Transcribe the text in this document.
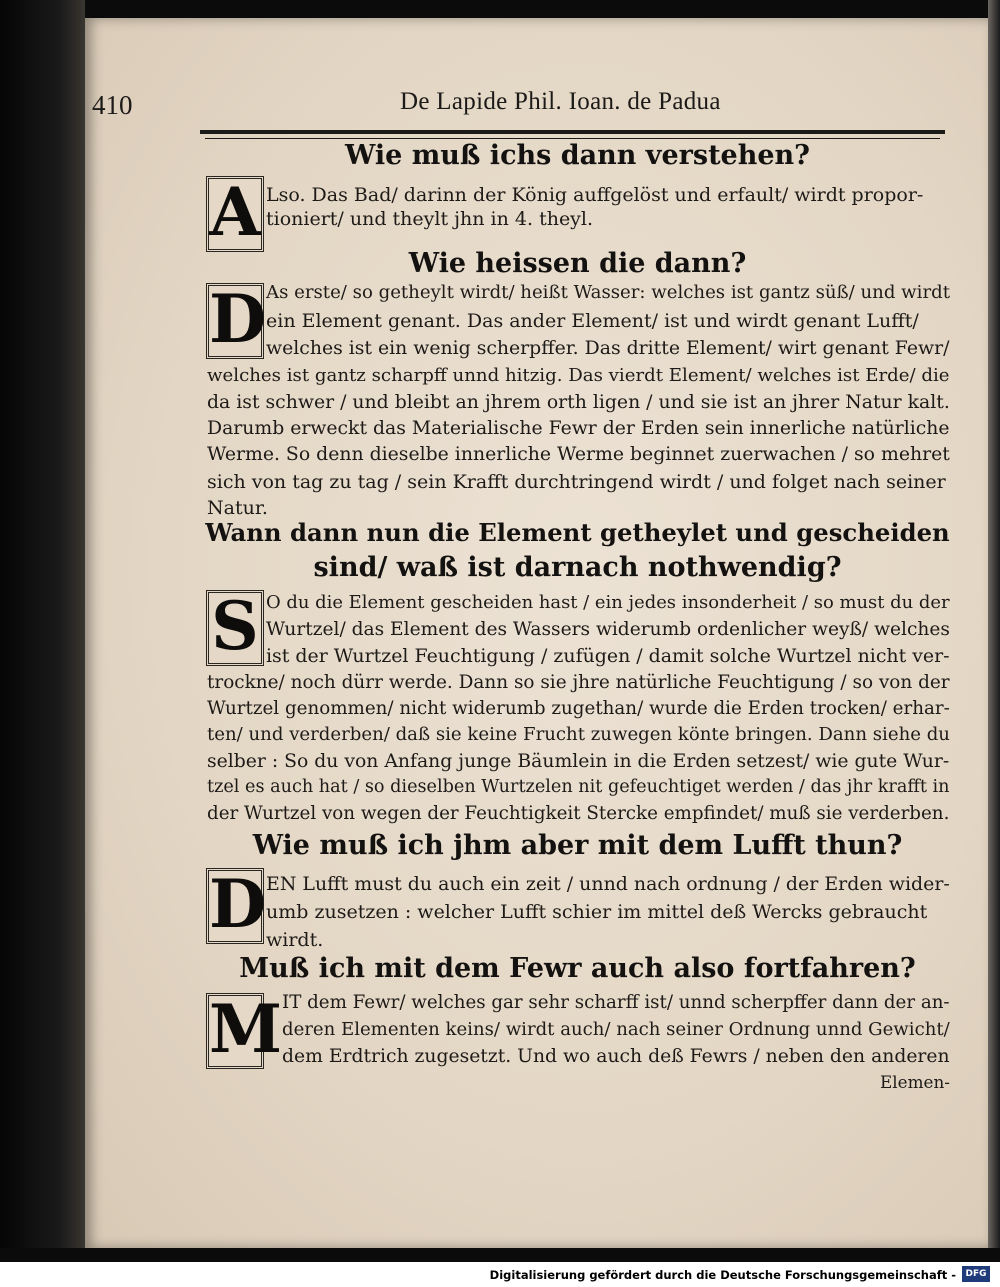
410	De Lapide Phil. Ioan. de Padua
Wie muß ichs dann verstehen?
A Lso. Das Bad/ darinn der König auffgelöst und erfault/ wirdt propor-
tioniert/ und theylt jhn in 4. theyl.
Wie heissen die dann?
D As erste/ so getheylt wirdt/ heißt Wasser: welches ist gantz süß/ und wirdt
ein Element genant. Das ander Element/ ist und wirdt genant Lufft/
welches ist ein wenig scherpffer. Das dritte Element/ wirt genant Fewr/
welches ist gantz scharpff unnd hitzig. Das vierdt Element/ welches ist Erde/ die
da ist schwer / und bleibt an jhrem orth ligen / und sie ist an jhrer Natur kalt.
Darumb erweckt das Materialische Fewr der Erden sein innerliche natürliche
Werme. So denn dieselbe innerliche Werme beginnet zuerwachen / so mehret
sich von tag zu tag / sein Krafft durchtringend wirdt / und folget nach seiner
Natur.
Wann dann nun die Element getheylet und gescheiden
sind/ waß ist darnach nothwendig?
S O du die Element gescheiden hast / ein jedes insonderheit / so must du der
Wurtzel/ das Element des Wassers widerumb ordenlicher weyß/ welches
ist der Wurtzel Feuchtigung / zufügen / damit solche Wurtzel nicht ver-
trockne/ noch dürr werde. Dann so sie jhre natürliche Feuchtigung / so von der
Wurtzel genommen/ nicht widerumb zugethan/ wurde die Erden trocken/ erhar-
ten/ und verderben/ daß sie keine Frucht zuwegen könte bringen. Dann siehe du
selber : So du von Anfang junge Bäumlein in die Erden setzest/ wie gute Wur-
tzel es auch hat / so dieselben Wurtzelen nit gefeuchtiget werden / das jhr krafft in
der Wurtzel von wegen der Feuchtigkeit Stercke empfindet/ muß sie verderben.
Wie muß ich jhm aber mit dem Lufft thun?
D EN Lufft must du auch ein zeit / unnd nach ordnung / der Erden wider-
umb zusetzen : welcher Lufft schier im mittel deß Wercks gebraucht
wirdt.
Muß ich mit dem Fewr auch also fortfahren?
M IT dem Fewr/ welches gar sehr scharff ist/ unnd scherpffer dann der an-
deren Elementen keins/ wirdt auch/ nach seiner Ordnung unnd Gewicht/
dem Erdtrich zugesetzt. Und wo auch deß Fewrs / neben den anderen
Elemen-
Digitalisierung gefördert durch die Deutsche Forschungsgemeinschaft -	DFG
